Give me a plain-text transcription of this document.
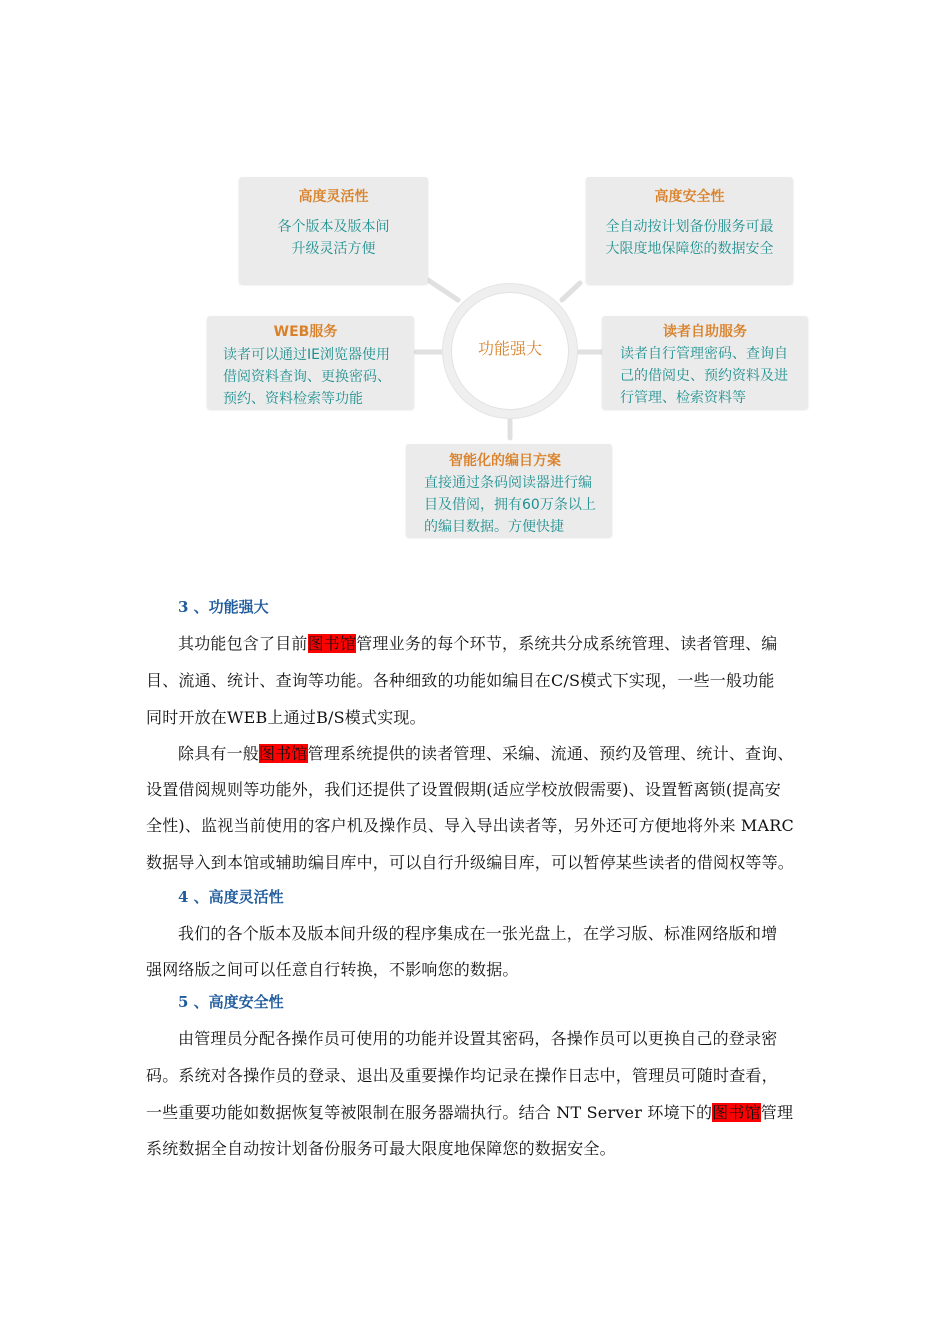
功能强大
高度灵活性
各个版本及版本间
升级灵活方便
高度安全性
全自动按计划备份服务可最
大限度地保障您的数据安全
WEB服务
读者可以通过IE浏览器使用
借阅资料查询、更换密码、
预约、资料检索等功能
读者自助服务
读者自行管理密码、查询自
己的借阅史、预约资料及进
行管理、检索资料等
智能化的编目方案
直接通过条码阅读器进行编
目及借阅，拥有60万条以上
的编目数据。方便快捷
3 、功能强大
其功能包含了目前图书馆管理业务的每个环节，系统共分成系统管理、读者管理、编
目、流通、统计、查询等功能。各种细致的功能如编目在C/S模式下实现，一些一般功能
同时开放在WEB上通过B/S模式实现。
除具有一般图书馆管理系统提供的读者管理、采编、流通、预约及管理、统计、查询、
设置借阅规则等功能外，我们还提供了设置假期(适应学校放假需要)、设置暂离锁(提高安
全性)、监视当前使用的客户机及操作员、导入导出读者等，另外还可方便地将外来 MARC
数据导入到本馆或辅助编目库中，可以自行升级编目库，可以暂停某些读者的借阅权等等。
4 、高度灵活性
我们的各个版本及版本间升级的程序集成在一张光盘上，在学习版、标准网络版和增
强网络版之间可以任意自行转换，不影响您的数据。
5 、高度安全性
由管理员分配各操作员可使用的功能并设置其密码，各操作员可以更换自己的登录密
码。系统对各操作员的登录、退出及重要操作均记录在操作日志中，管理员可随时查看，
一些重要功能如数据恢复等被限制在服务器端执行。结合 NT Server 环境下的图书馆管理
系统数据全自动按计划备份服务可最大限度地保障您的数据安全。
